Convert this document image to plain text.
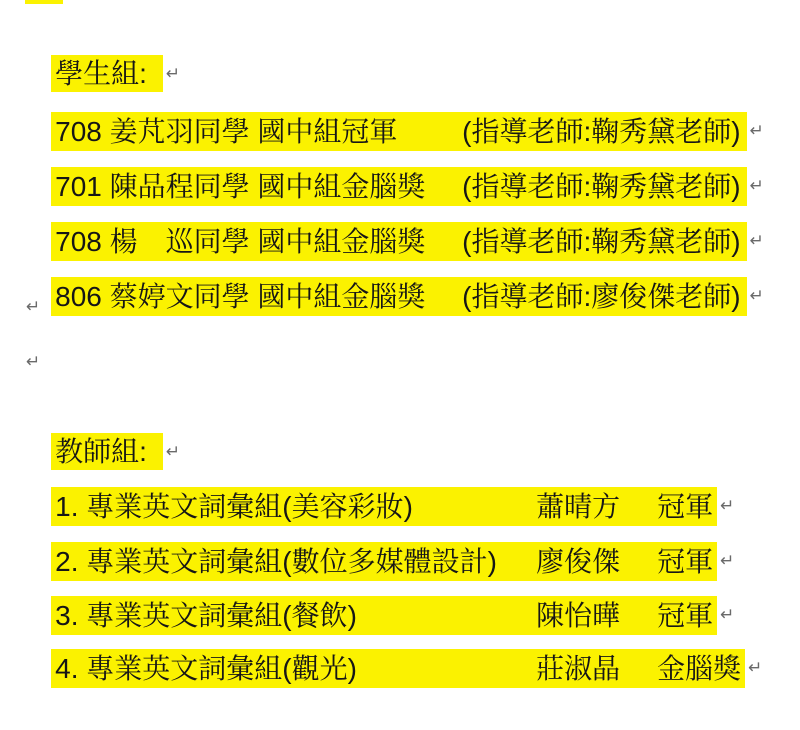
學生組: ↵

708 姜芃羽同學 國中組冠軍 (指導老師:鞠秀黛老師) ↵

701 陳品程同學 國中組金腦獎 (指導老師:鞠秀黛老師) ↵

708 楊　巡同學 國中組金腦獎 (指導老師:鞠秀黛老師) ↵

806 蔡婷文同學 國中組金腦獎 (指導老師:廖俊傑老師) ↵

↵
↵

教師組: ↵

1. 專業英文詞彙組(美容彩妝)	蕭晴方 冠軍 ↵

2. 專業英文詞彙組(數位多媒體設計) 廖俊傑 冠軍 ↵

3. 專業英文詞彙組(餐飲)	陳怡曄 冠軍 ↵

4. 專業英文詞彙組(觀光)	莊淑晶 金腦獎 ↵
